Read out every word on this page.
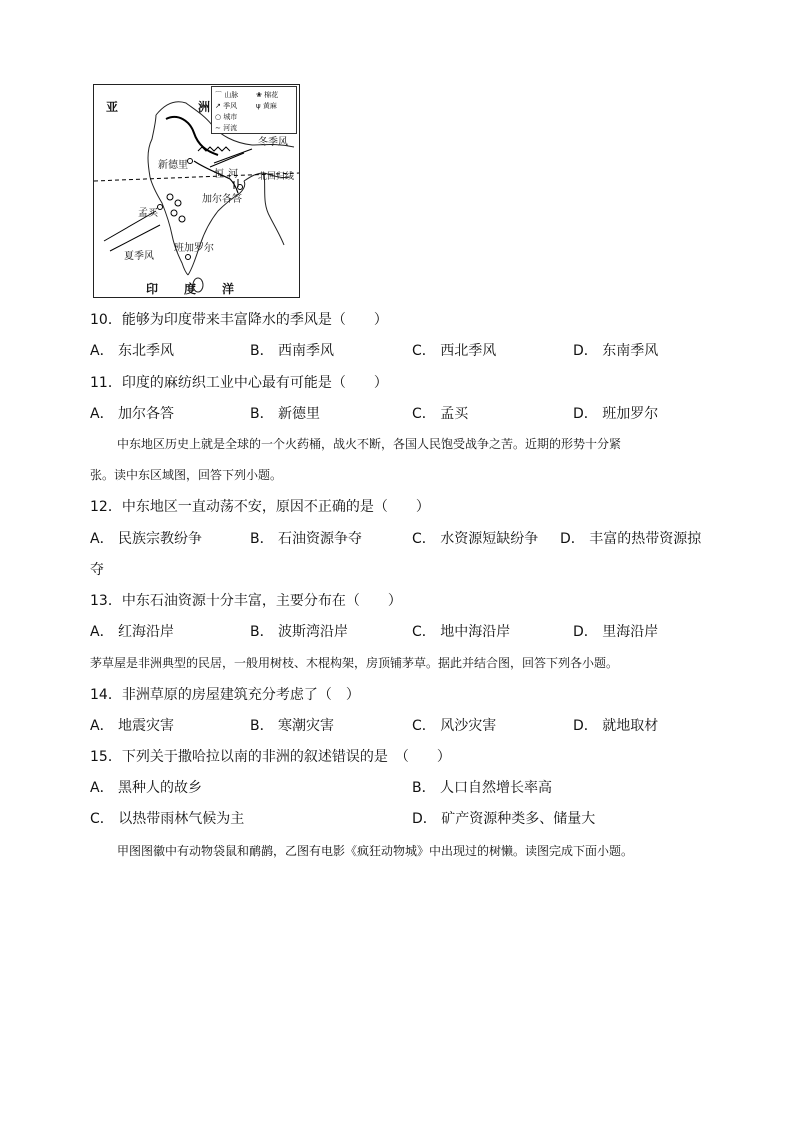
⌒ 山脉
↗ 季风
○ 城市
∼ 河流
❀ 棉花
ψ 黄麻
亚	洲
冬季风
新德里
恒 河 北回归线
加尔各答
孟买
班加罗尔
夏季风
印 度 洋
10．能够为印度带来丰富降水的季风是（　　）
A． 东北季风	B． 西南季风	C． 西北季风	D． 东南季风
11．印度的麻纺织工业中心最有可能是（　　）
A． 加尔各答	B． 新德里	C． 孟买	D． 班加罗尔
中东地区历史上就是全球的一个火药桶，战火不断，各国人民饱受战争之苦。近期的形势十分紧
张。读中东区域图，回答下列小题。
12．中东地区一直动荡不安，原因不正确的是（　　）
A． 民族宗教纷争	B． 石油资源争夺	C． 水资源短缺纷争 D． 丰富的热带资源掠
夺
13．中东石油资源十分丰富，主要分布在（　　）
A． 红海沿岸	B． 波斯湾沿岸	C． 地中海沿岸	D． 里海沿岸
茅草屋是非洲典型的民居，一般用树枝、木棍构架，房顶铺茅草。据此并结合图，回答下列各小题。
14．非洲草原的房屋建筑充分考虑了（　）
A． 地震灾害	B． 寒潮灾害	C． 风沙灾害	D． 就地取材
15．下列关于撒哈拉以南的非洲的叙述错误的是　（　　）
A． 黑种人的故乡	B． 人口自然增长率高
C． 以热带雨林气候为主	D． 矿产资源种类多、储量大
甲图图徽中有动物袋鼠和鸸鹋，乙图有电影《疯狂动物城》中出现过的树懒。读图完成下面小题。
